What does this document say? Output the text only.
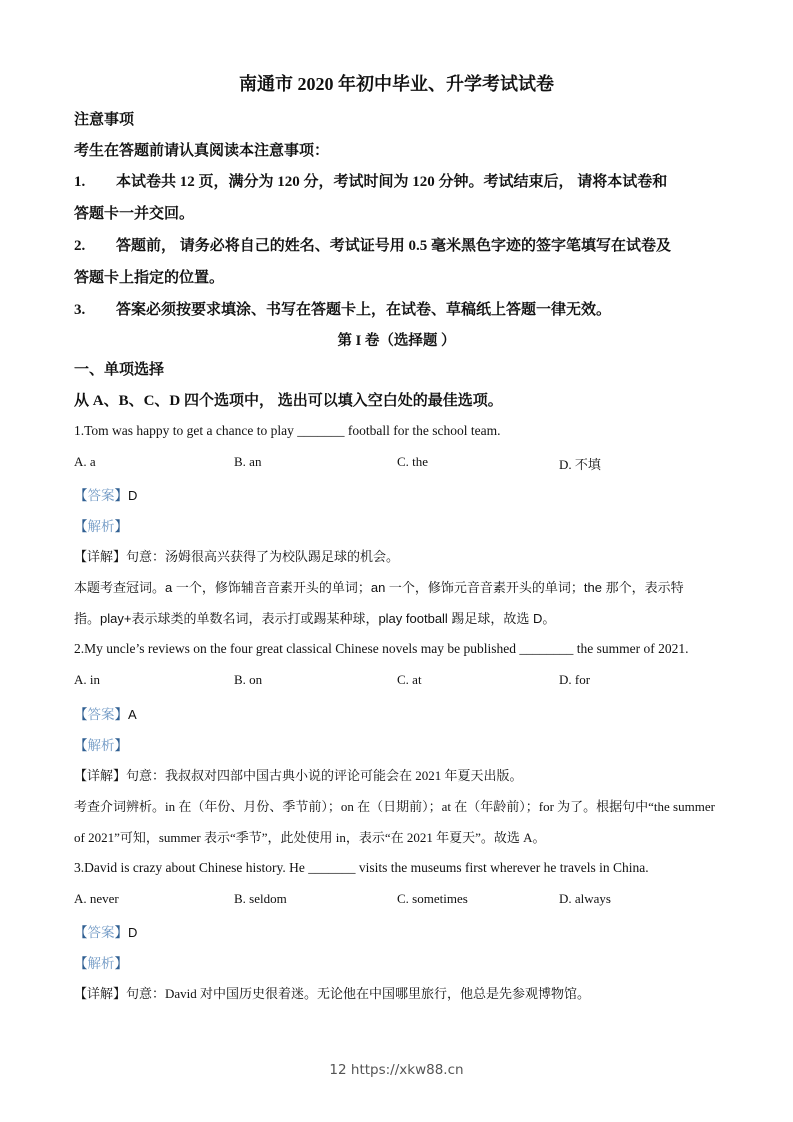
南通市 2020 年初中毕业、升学考试试卷
注意事项
考生在答题前请认真阅读本注意事项：
1. 本试卷共 12 页，满分为 120 分，考试时间为 120 分钟。考试结束后， 请将本试卷和
答题卡一并交回。
2. 答题前， 请务必将自己的姓名、考试证号用 0.5 毫米黑色字迹的签字笔填写在试卷及
答题卡上指定的位置。
3. 答案必须按要求填涂、书写在答题卡上，在试卷、草稿纸上答题一律无效。
第 I 卷（选择题 ）
一、单项选择
从 A、B、C、D 四个选项中， 选出可以填入空白处的最佳选项。
1.Tom was happy to get a chance to play _______ football for the school team.
A. a	B. an	C. the	D. 不填
【答案】D
【解析】
【详解】句意：汤姆很高兴获得了为校队踢足球的机会。
本题考查冠词。a 一个，修饰辅音音素开头的单词；an 一个，修饰元音音素开头的单词；the 那个，表示特
指。play+表示球类的单数名词，表示打或踢某种球，play football 踢足球，故选 D。
2.My uncle’s reviews on the four great classical Chinese novels may be published ________ the summer of 2021.
A. in	B. on	C. at	D. for
【答案】A
【解析】
【详解】句意：我叔叔对四部中国古典小说的评论可能会在 2021 年夏天出版。
考查介词辨析。in 在（年份、月份、季节前）；on 在（日期前）；at 在（年龄前）；for 为了。根据句中“the summer
of 2021”可知，summer 表示“季节”，此处使用 in，表示“在 2021 年夏天”。故选 A。
3.David is crazy about Chinese history. He _______ visits the museums first wherever he travels in China.
A. never	B. seldom	C. sometimes	D. always
【答案】D
【解析】
【详解】句意：David 对中国历史很着迷。无论他在中国哪里旅行，他总是先参观博物馆。
12 https://xkw88.cn
